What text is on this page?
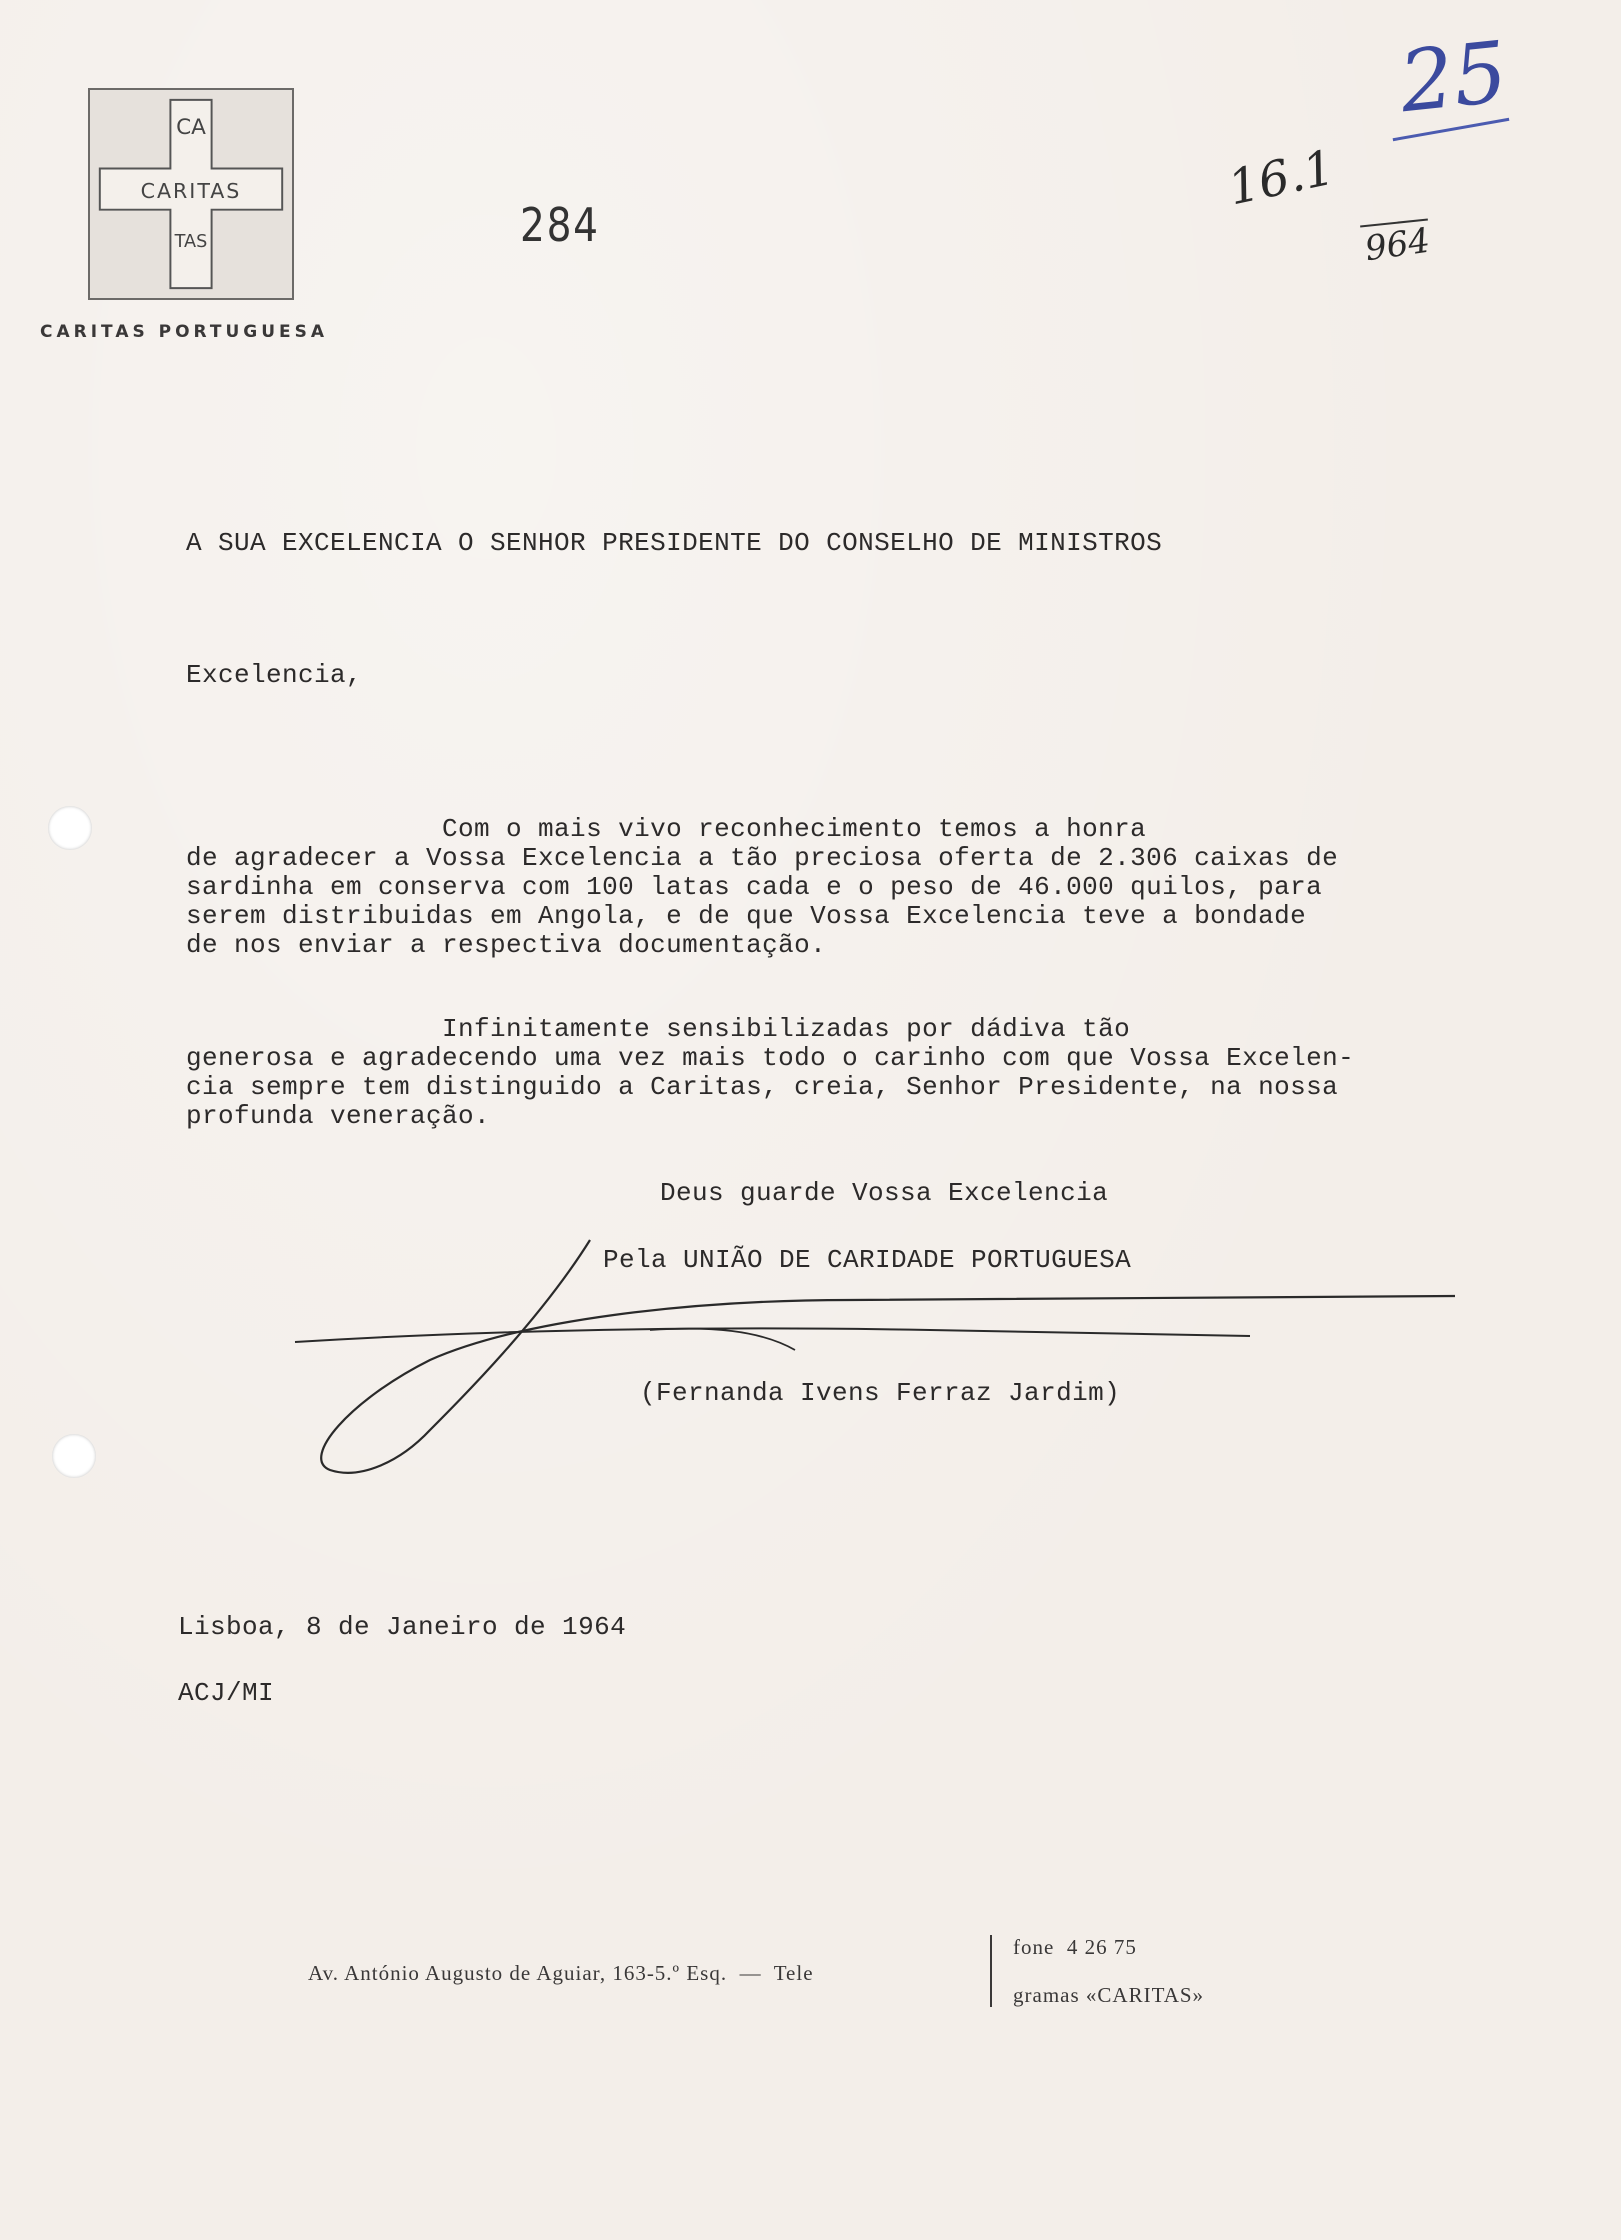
CA
CARITAS
TAS
CARITAS PORTUGUESA
284
25
16.1
964
A SUA EXCELENCIA O SENHOR PRESIDENTE DO CONSELHO DE MINISTROS
Excelencia,
Com o mais vivo reconhecimento temos a honra
de agradecer a Vossa Excelencia a tão preciosa oferta de 2.306 caixas de
sardinha em conserva com 100 latas cada e o peso de 46.000 quilos, para
serem distribuidas em Angola, e de que Vossa Excelencia teve a bondade
de nos enviar a respectiva documentação.
Infinitamente sensibilizadas por dádiva tão
generosa e agradecendo uma vez mais todo o carinho com que Vossa Excelen-
cia sempre tem distinguido a Caritas, creia, Senhor Presidente, na nossa
profunda veneração.
Deus guarde Vossa Excelencia
Pela UNIÃO DE CARIDADE PORTUGUESA
(Fernanda Ivens Ferraz Jardim)
Lisboa, 8 de Janeiro de 1964
ACJ/MI

Av. António Augusto de Aguiar, 163-5.º Esq.  —  Tele

fone  4 26 75

gramas «CARITAS»
